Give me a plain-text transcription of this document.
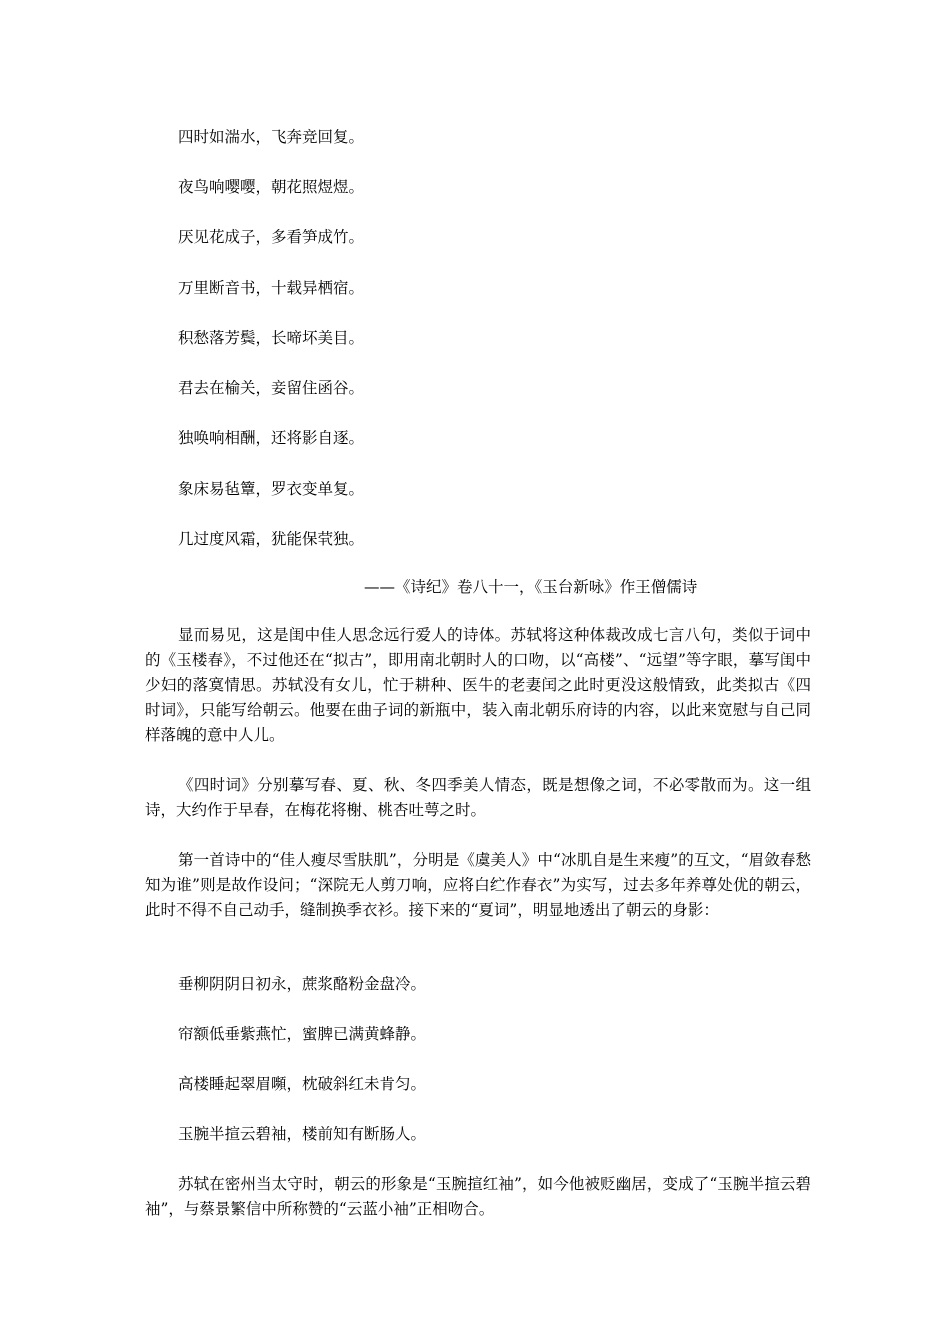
四时如湍水，飞奔竞回复。
夜鸟响嘤嘤，朝花照煜煜。
厌见花成子，多看笋成竹。
万里断音书，十载异栖宿。
积愁落芳鬓，长啼坏美目。
君去在榆关，妾留住函谷。
独唤响相酬，还将影自逐。
象床易毡簟，罗衣变单复。
几过度风霜，犹能保茕独。
——《诗纪》卷八十一，《玉台新咏》作王僧儒诗

显而易见，这是闺中佳人思念远行爱人的诗体。苏轼将这种体裁改成七言八句，类似于词中的《玉楼春》，不过他还在“拟古”，即用南北朝时人的口吻，以“高楼”、“远望”等字眼，摹写闺中少妇的落寞情思。苏轼没有女儿，忙于耕种、医牛的老妻闰之此时更没这般情致，此类拟古《四时词》，只能写给朝云。他要在曲子词的新瓶中，装入南北朝乐府诗的内容，以此来宽慰与自己同样落魄的意中人儿。

《四时词》分别摹写春、夏、秋、冬四季美人情态，既是想像之词，不必零散而为。这一组诗，大约作于早春，在梅花将榭、桃杏吐萼之时。

第一首诗中的“佳人瘦尽雪肤肌”，分明是《虞美人》中“冰肌自是生来瘦”的互文，“眉敛春愁知为谁”则是故作设问；“深院无人剪刀响，应将白纻作春衣”为实写，过去多年养尊处优的朝云，此时不得不自己动手，缝制换季衣衫。接下来的“夏词”，明显地透出了朝云的身影：

垂柳阴阴日初永，蔗浆酪粉金盘冷。
帘额低垂紫燕忙，蜜脾已满黄蜂静。
高楼睡起翠眉嚬，枕破斜红未肯匀。
玉腕半揎云碧袖，楼前知有断肠人。

苏轼在密州当太守时，朝云的形象是“玉腕揎红袖”，如今他被贬幽居，变成了“玉腕半揎云碧袖”，与蔡景繁信中所称赞的“云蓝小袖”正相吻合。
